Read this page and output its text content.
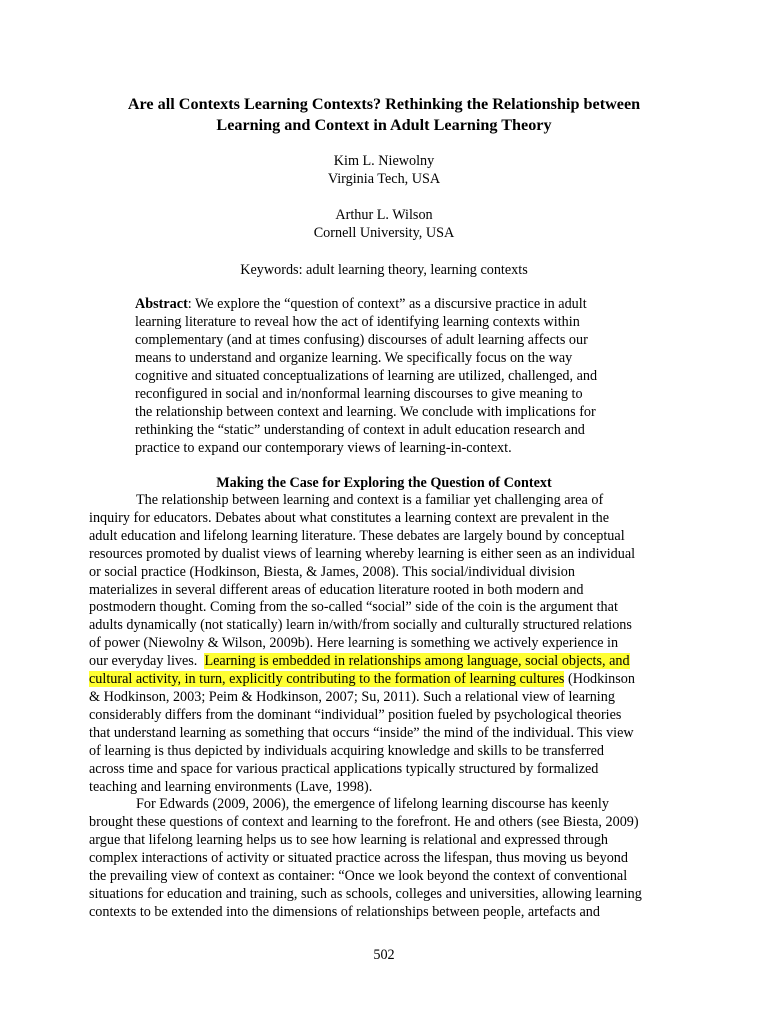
Are all Contexts Learning Contexts? Rethinking the Relationship between
Learning and Context in Adult Learning Theory
Kim L. Niewolny
Virginia Tech, USA
Arthur L. Wilson
Cornell University, USA
Keywords: adult learning theory, learning contexts
Abstract: We explore the “question of context” as a discursive practice in adult
learning literature to reveal how the act of identifying learning contexts within
complementary (and at times confusing) discourses of adult learning affects our
means to understand and organize learning. We specifically focus on the way
cognitive and situated conceptualizations of learning are utilized, challenged, and
reconfigured in social and in/nonformal learning discourses to give meaning to
the relationship between context and learning. We conclude with implications for
rethinking the “static” understanding of context in adult education research and
practice to expand our contemporary views of learning-in-context.
Making the Case for Exploring the Question of Context
The relationship between learning and context is a familiar yet challenging area of
inquiry for educators. Debates about what constitutes a learning context are prevalent in the
adult education and lifelong learning literature. These debates are largely bound by conceptual
resources promoted by dualist views of learning whereby learning is either seen as an individual
or social practice (Hodkinson, Biesta, & James, 2008). This social/individual division
materializes in several different areas of education literature rooted in both modern and
postmodern thought. Coming from the so-called “social” side of the coin is the argument that
adults dynamically (not statically) learn in/with/from socially and culturally structured relations
of power (Niewolny & Wilson, 2009b). Here learning is something we actively experience in
our everyday lives.  Learning is embedded in relationships among language, social objects, and
cultural activity, in turn, explicitly contributing to the formation of learning cultures (Hodkinson
& Hodkinson, 2003; Peim & Hodkinson, 2007; Su, 2011). Such a relational view of learning
considerably differs from the dominant “individual” position fueled by psychological theories
that understand learning as something that occurs “inside” the mind of the individual. This view
of learning is thus depicted by individuals acquiring knowledge and skills to be transferred
across time and space for various practical applications typically structured by formalized
teaching and learning environments (Lave, 1998).
For Edwards (2009, 2006), the emergence of lifelong learning discourse has keenly
brought these questions of context and learning to the forefront. He and others (see Biesta, 2009)
argue that lifelong learning helps us to see how learning is relational and expressed through
complex interactions of activity or situated practice across the lifespan, thus moving us beyond
the prevailing view of context as container: “Once we look beyond the context of conventional
situations for education and training, such as schools, colleges and universities, allowing learning
contexts to be extended into the dimensions of relationships between people, artefacts and
502
